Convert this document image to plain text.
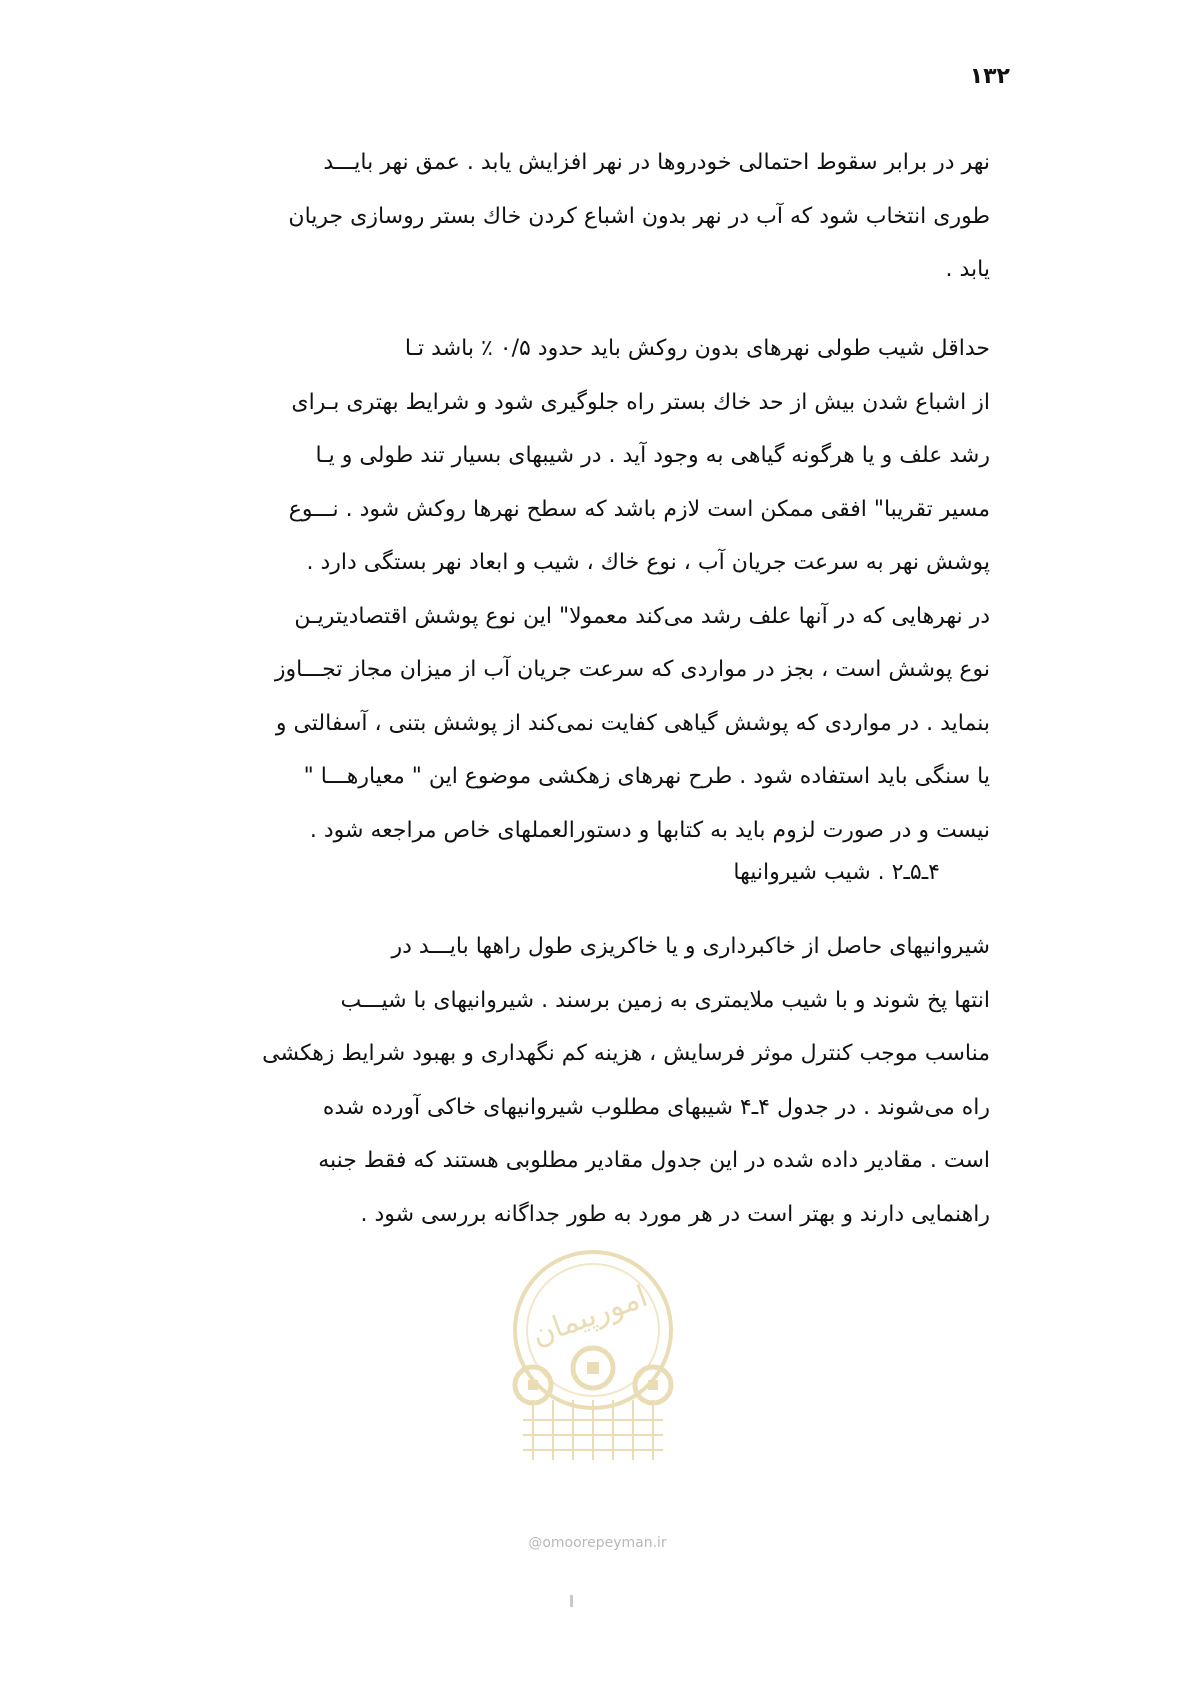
۱۳۲
نهر در برابر سقوط احتمالی خودروها در نهر افزایش یابد . عمق نهر بایـــد
طوری انتخاب شود که آب در نهر بدون اشباع کردن خاك بستر روسازی جریان
یابد .
حداقل شیب طولی نهرهای بدون روکش باید حدود ۰/۵ ٪ باشد تـا
از اشباع شدن بیش از حد خاك بستر راه جلوگیری شود و شرایط بهتری بـرای
رشد علف و یا هرگونه گیاهی به وجود آید . در شیبهای بسیار تند طولی و یـا
مسیر تقریبا" افقی ممکن است لازم باشد که سطح نهرها روکش شود . نـــوع
پوشش نهر به سرعت جریان آب ، نوع خاك ، شیب و ابعاد نهر بستگی دارد .
در نهرهایی که در آنها علف رشد می‌کند معمولا" این نوع پوشش اقتصادیتریـن
نوع پوشش است ، بجز در مواردی که سرعت جریان آب از میزان مجاز تجـــاوز
بنماید . در مواردی که پوشش گیاهی کفایت نمی‌کند از پوشش بتنی ، آسفالتی و
یا سنگی باید استفاده شود . طرح نهرهای زهکشی موضوع این " معیارهـــا "
نیست و در صورت لزوم باید به کتابها و دستورالعملهای خاص مراجعه شود .
۴ـ۵ـ۲ . شیب شیروانیها
شیروانیهای حاصل از خاکبرداری و یا خاکریزی طول راهها بایـــد در
انتها پخ شوند و با شیب ملایمتری به زمین برسند . شیروانیهای با شیـــب
مناسب موجب کنترل موثر فرسایش ، هزینه کم نگهداری و بهبود شرایط زهکشی
راه می‌شوند . در جدول ۴ـ۴ شیبهای مطلوب شیروانیهای خاکی آورده شده
است . مقادیر داده شده در این جدول مقادیر مطلوبی هستند که فقط جنبه
راهنمایی دارند و بهتر است در هر مورد به طور جداگانه بررسی شود .
امورپیمان
@omoorepeyman.ir
